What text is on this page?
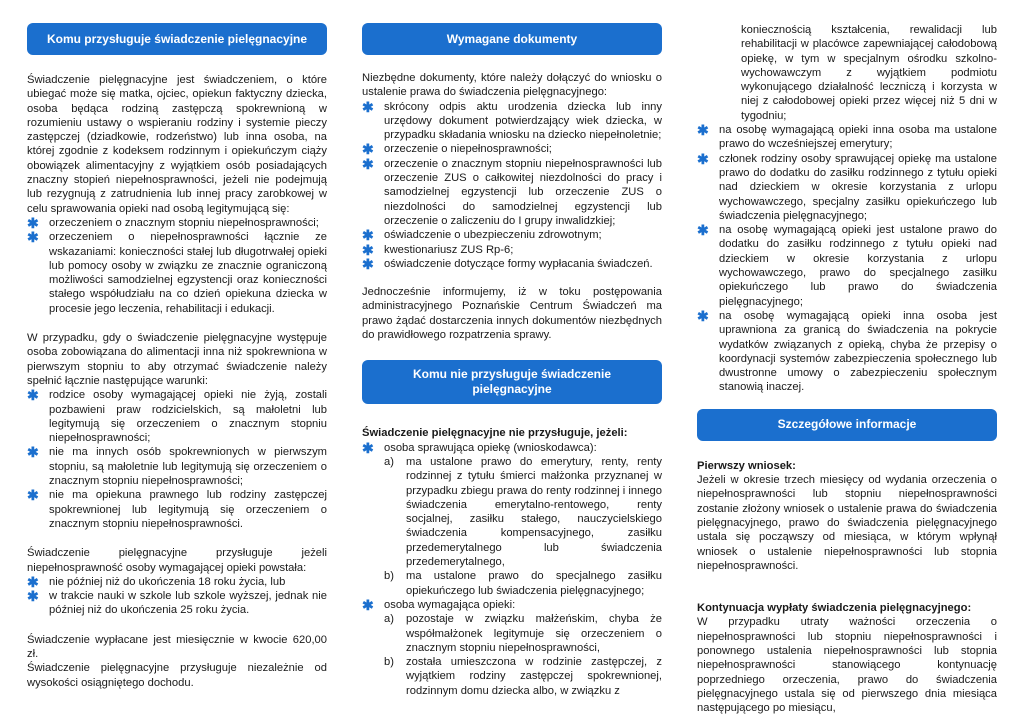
Komu przysługuje świadczenie pielęgnacyjne
Świadczenie pielęgnacyjne jest świadczeniem, o które ubiegać może się matka, ojciec, opiekun faktyczny dziecka, osoba będąca rodziną zastępczą spokrewnioną w rozumieniu ustawy o wspieraniu rodziny i systemie pieczy zastępczej (dziadkowie, rodzeństwo) lub inna osoba, na której zgodnie z kodeksem rodzinnym i opiekuńczym ciąży obowiązek alimentacyjny z wyjątkiem osób posiadających znaczny stopień niepełnosprawności, jeżeli nie podejmują lub rezygnują z zatrudnienia lub innej pracy zarobkowej w celu sprawowania opieki nad osobą legitymującą się:
✱ orzeczeniem o znacznym stopniu niepełnosprawności;
✱ orzeczeniem o niepełnosprawności łącznie ze wskazaniami: konieczności stałej lub długotrwałej opieki lub pomocy osoby w związku ze znacznie ograniczoną możliwości samodzielnej egzystencji oraz konieczności stałego współudziału na co dzień opiekuna dziecka w procesie jego leczenia, rehabilitacji i edukacji.
W przypadku, gdy o świadczenie pielęgnacyjne występuje osoba zobowiązana do alimentacji inna niż spokrewniona w pierwszym stopniu to aby otrzymać świadczenie należy spełnić łącznie następujące warunki:
✱ rodzice osoby wymagającej opieki nie żyją, zostali pozbawieni praw rodzicielskich, są małoletni lub legitymują się orzeczeniem o znacznym stopniu niepełnosprawności;
✱ nie ma innych osób spokrewnionych w pierwszym stopniu, są małoletnie lub legitymują się orzeczeniem o znacznym stopniu niepełnosprawności;
✱ nie ma opiekuna prawnego lub rodziny zastępczej spokrewnionej lub legitymują się orzeczeniem o znacznym stopniu niepełnosprawności.
Świadczenie pielęgnacyjne przysługuje jeżeli niepełnosprawność osoby wymagającej opieki powstała:
✱ nie później niż do ukończenia 18 roku życia, lub
✱ w trakcie nauki w szkole lub szkole wyższej, jednak nie później niż do ukończenia 25 roku życia.
Świadczenie wypłacane jest miesięcznie w kwocie 620,00 zł.
Świadczenie pielęgnacyjne przysługuje niezależnie od wysokości osiągniętego dochodu.
Wymagane dokumenty
Niezbędne dokumenty, które należy dołączyć do wniosku o ustalenie prawa do świadczenia pielęgnacyjnego:
✱ skrócony odpis aktu urodzenia dziecka lub inny urzędowy dokument potwierdzający wiek dziecka, w przypadku składania wniosku na dziecko niepełnoletnie;
✱ orzeczenie o niepełnosprawności;
✱ orzeczenie o znacznym stopniu niepełnosprawności lub orzeczenie ZUS o całkowitej niezdolności do pracy i samodzielnej egzystencji lub orzeczenie ZUS o niezdolności do samodzielnej egzystencji lub orzeczenie o zaliczeniu do I grupy inwalidzkiej;
✱ oświadczenie o ubezpieczeniu zdrowotnym;
✱ kwestionariusz ZUS Rp-6;
✱ oświadczenie dotyczące formy wypłacania świadczeń.
Jednocześnie informujemy, iż w toku postępowania administracyjnego Poznańskie Centrum Świadczeń ma prawo żądać dostarczenia innych dokumentów niezbędnych do prawidłowego rozpatrzenia sprawy.
Komu nie przysługuje świadczenie pielęgnacyjne
Świadczenie pielęgnacyjne nie przysługuje, jeżeli:
✱ osoba sprawująca opiekę (wnioskodawca):
a) ma ustalone prawo do emerytury, renty, renty rodzinnej z tytułu śmierci małżonka przyznanej w przypadku zbiegu prawa do renty rodzinnej i innego świadczenia emerytalno-rentowego, renty socjalnej, zasiłku stałego, nauczycielskiego świadczenia kompensacyjnego, zasiłku przedemerytalnego lub świadczenia przedemerytalnego,
b) ma ustalone prawo do specjalnego zasiłku opiekuńczego lub świadczenia pielęgnacyjnego;
✱ osoba wymagająca opieki:
a) pozostaje w związku małżeńskim, chyba że współmałżonek legitymuje się orzeczeniem o znacznym stopniu niepełnosprawności,
b) została umieszczona w rodzinie zastępczej, z wyjątkiem rodziny zastępczej spokrewnionej, rodzinnym domu dziecka albo, w związku z
koniecznością kształcenia, rewalidacji lub rehabilitacji w placówce zapewniającej całodobową opiekę, w tym w specjalnym ośrodku szkolno-wychowawczym z wyjątkiem podmiotu wykonującego działalność leczniczą i korzysta w niej z całodobowej opieki przez więcej niż 5 dni w tygodniu;
✱ na osobę wymagającą opieki inna osoba ma ustalone prawo do wcześniejszej emerytury;
✱ członek rodziny osoby sprawującej opiekę ma ustalone prawo do dodatku do zasiłku rodzinnego z tytułu opieki nad dzieckiem w okresie korzystania z urlopu wychowawczego, specjalny zasiłku opiekuńczego lub świadczenia pielęgnacyjnego;
✱ na osobę wymagającą opieki jest ustalone prawo do dodatku do zasiłku rodzinnego z tytułu opieki nad dzieckiem w okresie korzystania z urlopu wychowawczego, prawo do specjalnego zasiłku opiekuńczego lub prawo do świadczenia pielęgnacyjnego;
✱ na osobę wymagającą opieki inna osoba jest uprawniona za granicą do świadczenia na pokrycie wydatków związanych z opieką, chyba że przepisy o koordynacji systemów zabezpieczenia społecznego lub dwustronne umowy o zabezpieczeniu społecznym stanowią inaczej.
Szczegółowe informacje
Pierwszy wniosek:
Jeżeli w okresie trzech miesięcy od wydania orzeczenia o niepełnosprawności lub stopniu niepełnosprawności zostanie złożony wniosek o ustalenie prawa do świadczenia pielęgnacyjnego, prawo do świadczenia pielęgnacyjnego ustala się począwszy od miesiąca, w którym wpłynął wniosek o ustalenie niepełnosprawności lub stopnia niepełnosprawności.
Kontynuacja wypłaty świadczenia pielęgnacyjnego:
W przypadku utraty ważności orzeczenia o niepełnosprawności lub stopniu niepełnosprawności i ponownego ustalenia niepełnosprawności lub stopnia niepełnosprawności stanowiącego kontynuację poprzedniego orzeczenia, prawo do świadczenia pielęgnacyjnego ustala się od pierwszego dnia miesiąca następującego po miesiącu,
